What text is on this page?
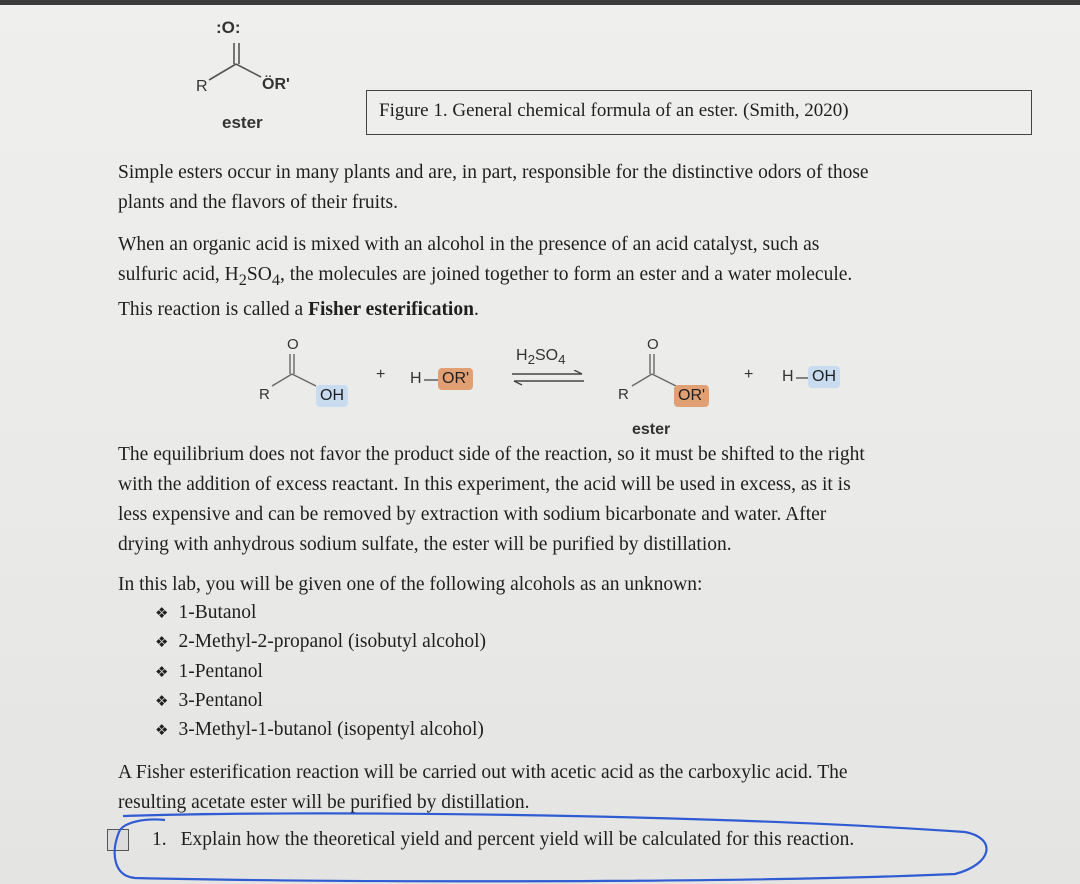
:O:
R	ÖR'
ester
Figure 1. General chemical formula of an ester. (Smith, 2020)
Simple esters occur in many plants and are, in part, responsible for the distinctive odors of those
plants and the flavors of their fruits.
When an organic acid is mixed with an alcohol in the presence of an acid catalyst, such as
sulfuric acid, $H_2SO_4$, the molecules are joined together to form an ester and a water molecule.
This reaction is called a Fisher esterification.
O
R	OH
+ H OR'
$H_2SO_4$
O
R	OR'
+ H OH
ester
The equilibrium does not favor the product side of the reaction, so it must be shifted to the right
with the addition of excess reactant. In this experiment, the acid will be used in excess, as it is
less expensive and can be removed by extraction with sodium bicarbonate and water. After
drying with anhydrous sodium sulfate, the ester will be purified by distillation.
In this lab, you will be given one of the following alcohols as an unknown:
❖ 1-Butanol
❖ 2-Methyl-2-propanol (isobutyl alcohol)
❖ 1-Pentanol
❖ 3-Pentanol
❖ 3-Methyl-1-butanol (isopentyl alcohol)
A Fisher esterification reaction will be carried out with acetic acid as the carboxylic acid. The
resulting acetate ester will be purified by distillation.
1. Explain how the theoretical yield and percent yield will be calculated for this reaction.
